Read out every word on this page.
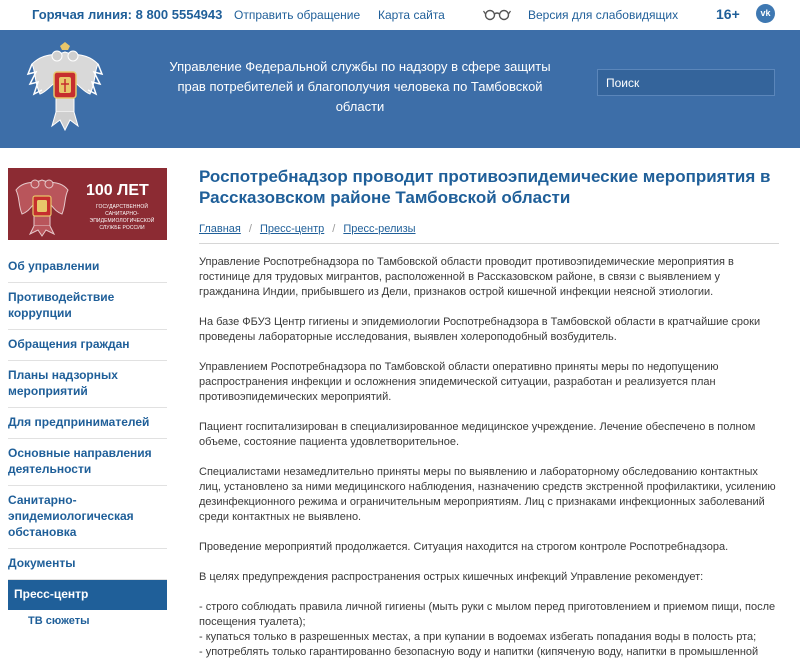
Горячая линия: 8 800 5554943 Отправить обращение Карта сайта	Версия для слабовидящих	16+	vk
Управление Федеральной службы по надзору в сфере защиты прав потребителей и благополучия человека по Тамбовской области
Поиск
100 ЛЕТ
ГОСУДАРСТВЕННОЙ САНИТАРНО-ЭПИДЕМИОЛОГИЧЕСКОЙ СЛУЖБЕ РОССИИ
Об управлении
Противодействие коррупции
Обращения граждан
Планы надзорных мероприятий
Для предпринимателей
Основные направления деятельности
Санитарно-эпидемиологическая обстановка
Документы
Пресс-центр
ТВ сюжеты
Роспотребнадзор проводит противоэпидемические мероприятия в Рассказовском районе Тамбовской области
Главная / Пресс-центр / Пресс-релизы

Управление Роспотребнадзора по Тамбовской области проводит противоэпидемические мероприятия в гостинице для трудовых мигрантов, расположенной в Рассказовском районе, в связи с выявлением у гражданина Индии, прибывшего из Дели, признаков острой кишечной инфекции неясной этиологии.

На базе ФБУЗ Центр гигиены и эпидемиологии Роспотребнадзора в Тамбовской области в кратчайшие сроки проведены лабораторные исследования, выявлен холероподобный возбудитель.

Управлением Роспотребнадзора по Тамбовской области оперативно приняты меры по недопущению распространения инфекции и осложнения эпидемической ситуации, разработан и реализуется план противоэпидемических мероприятий.

Пациент госпитализирован в специализированное медицинское учреждение. Лечение обеспечено в полном объеме, состояние пациента удовлетворительное.

Специалистами незамедлительно приняты меры по выявлению и лабораторному обследованию контактных лиц, установлено за ними медицинского наблюдения, назначению средств экстренной профилактики, усилению дезинфекционного режима и ограничительным мероприятиям. Лиц с признаками инфекционных заболеваний среди контактных не выявлено.

Проведение мероприятий продолжается. Ситуация находится на строгом контроле Роспотребнадзора.

В целях предупреждения распространения острых кишечных инфекций Управление рекомендует:

- строго соблюдать правила личной гигиены (мыть руки с мылом перед приготовлением и приемом пищи, после посещения туалета);

- купаться только в разрешенных местах, а при купании в водоемах избегать попадания воды в полость рта;

- употреблять только гарантированно безопасную воду и напитки (кипяченую воду, напитки в промышленной
